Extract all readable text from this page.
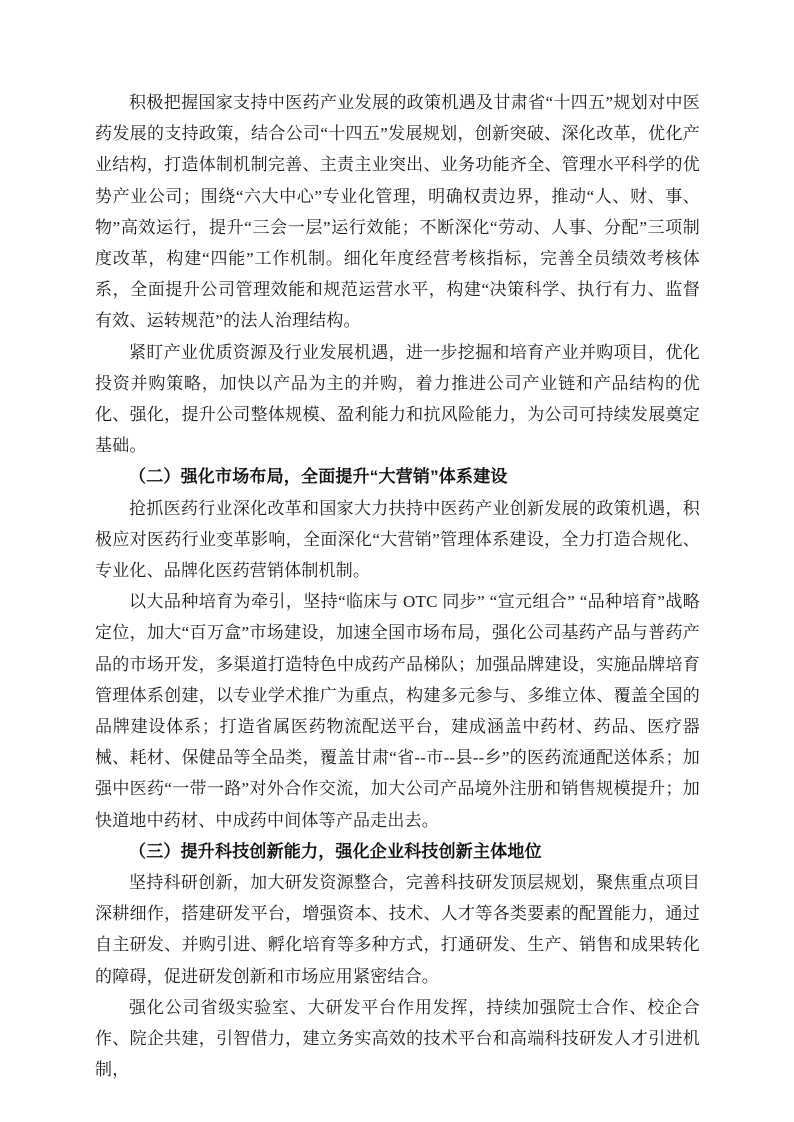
积极把握国家支持中医药产业发展的政策机遇及甘肃省“十四五”规划对中医药发展的支持政策，结合公司“十四五”发展规划，创新突破、深化改革，优化产业结构，打造体制机制完善、主责主业突出、业务功能齐全、管理水平科学的优势产业公司；围绕“六大中心”专业化管理，明确权责边界，推动“人、财、事、物”高效运行，提升“三会一层”运行效能；不断深化“劳动、人事、分配”三项制度改革，构建“四能”工作机制。细化年度经营考核指标，完善全员绩效考核体系，全面提升公司管理效能和规范运营水平，构建“决策科学、执行有力、监督有效、运转规范”的法人治理结构。

紧盯产业优质资源及行业发展机遇，进一步挖掘和培育产业并购项目，优化投资并购策略，加快以产品为主的并购，着力推进公司产业链和产品结构的优化、强化，提升公司整体规模、盈利能力和抗风险能力，为公司可持续发展奠定基础。

（二）强化市场布局，全面提升“大营销”体系建设

抢抓医药行业深化改革和国家大力扶持中医药产业创新发展的政策机遇，积极应对医药行业变革影响，全面深化“大营销”管理体系建设，全力打造合规化、专业化、品牌化医药营销体制机制。

以大品种培育为牵引，坚持“临床与 OTC 同步” “宣元组合” “品种培育”战略定位，加大“百万盒”市场建设，加速全国市场布局，强化公司基药产品与普药产品的市场开发，多渠道打造特色中成药产品梯队；加强品牌建设，实施品牌培育管理体系创建，以专业学术推广为重点，构建多元参与、多维立体、覆盖全国的品牌建设体系；打造省属医药物流配送平台，建成涵盖中药材、药品、医疗器械、耗材、保健品等全品类，覆盖甘肃“省--市--县--乡”的医药流通配送体系；加强中医药“一带一路”对外合作交流，加大公司产品境外注册和销售规模提升；加快道地中药材、中成药中间体等产品走出去。

（三）提升科技创新能力，强化企业科技创新主体地位

坚持科研创新，加大研发资源整合，完善科技研发顶层规划，聚焦重点项目深耕细作，搭建研发平台，增强资本、技术、人才等各类要素的配置能力，通过自主研发、并购引进、孵化培育等多种方式，打通研发、生产、销售和成果转化的障碍，促进研发创新和市场应用紧密结合。

强化公司省级实验室、大研发平台作用发挥，持续加强院士合作、校企合作、院企共建，引智借力，建立务实高效的技术平台和高端科技研发人才引进机制，
